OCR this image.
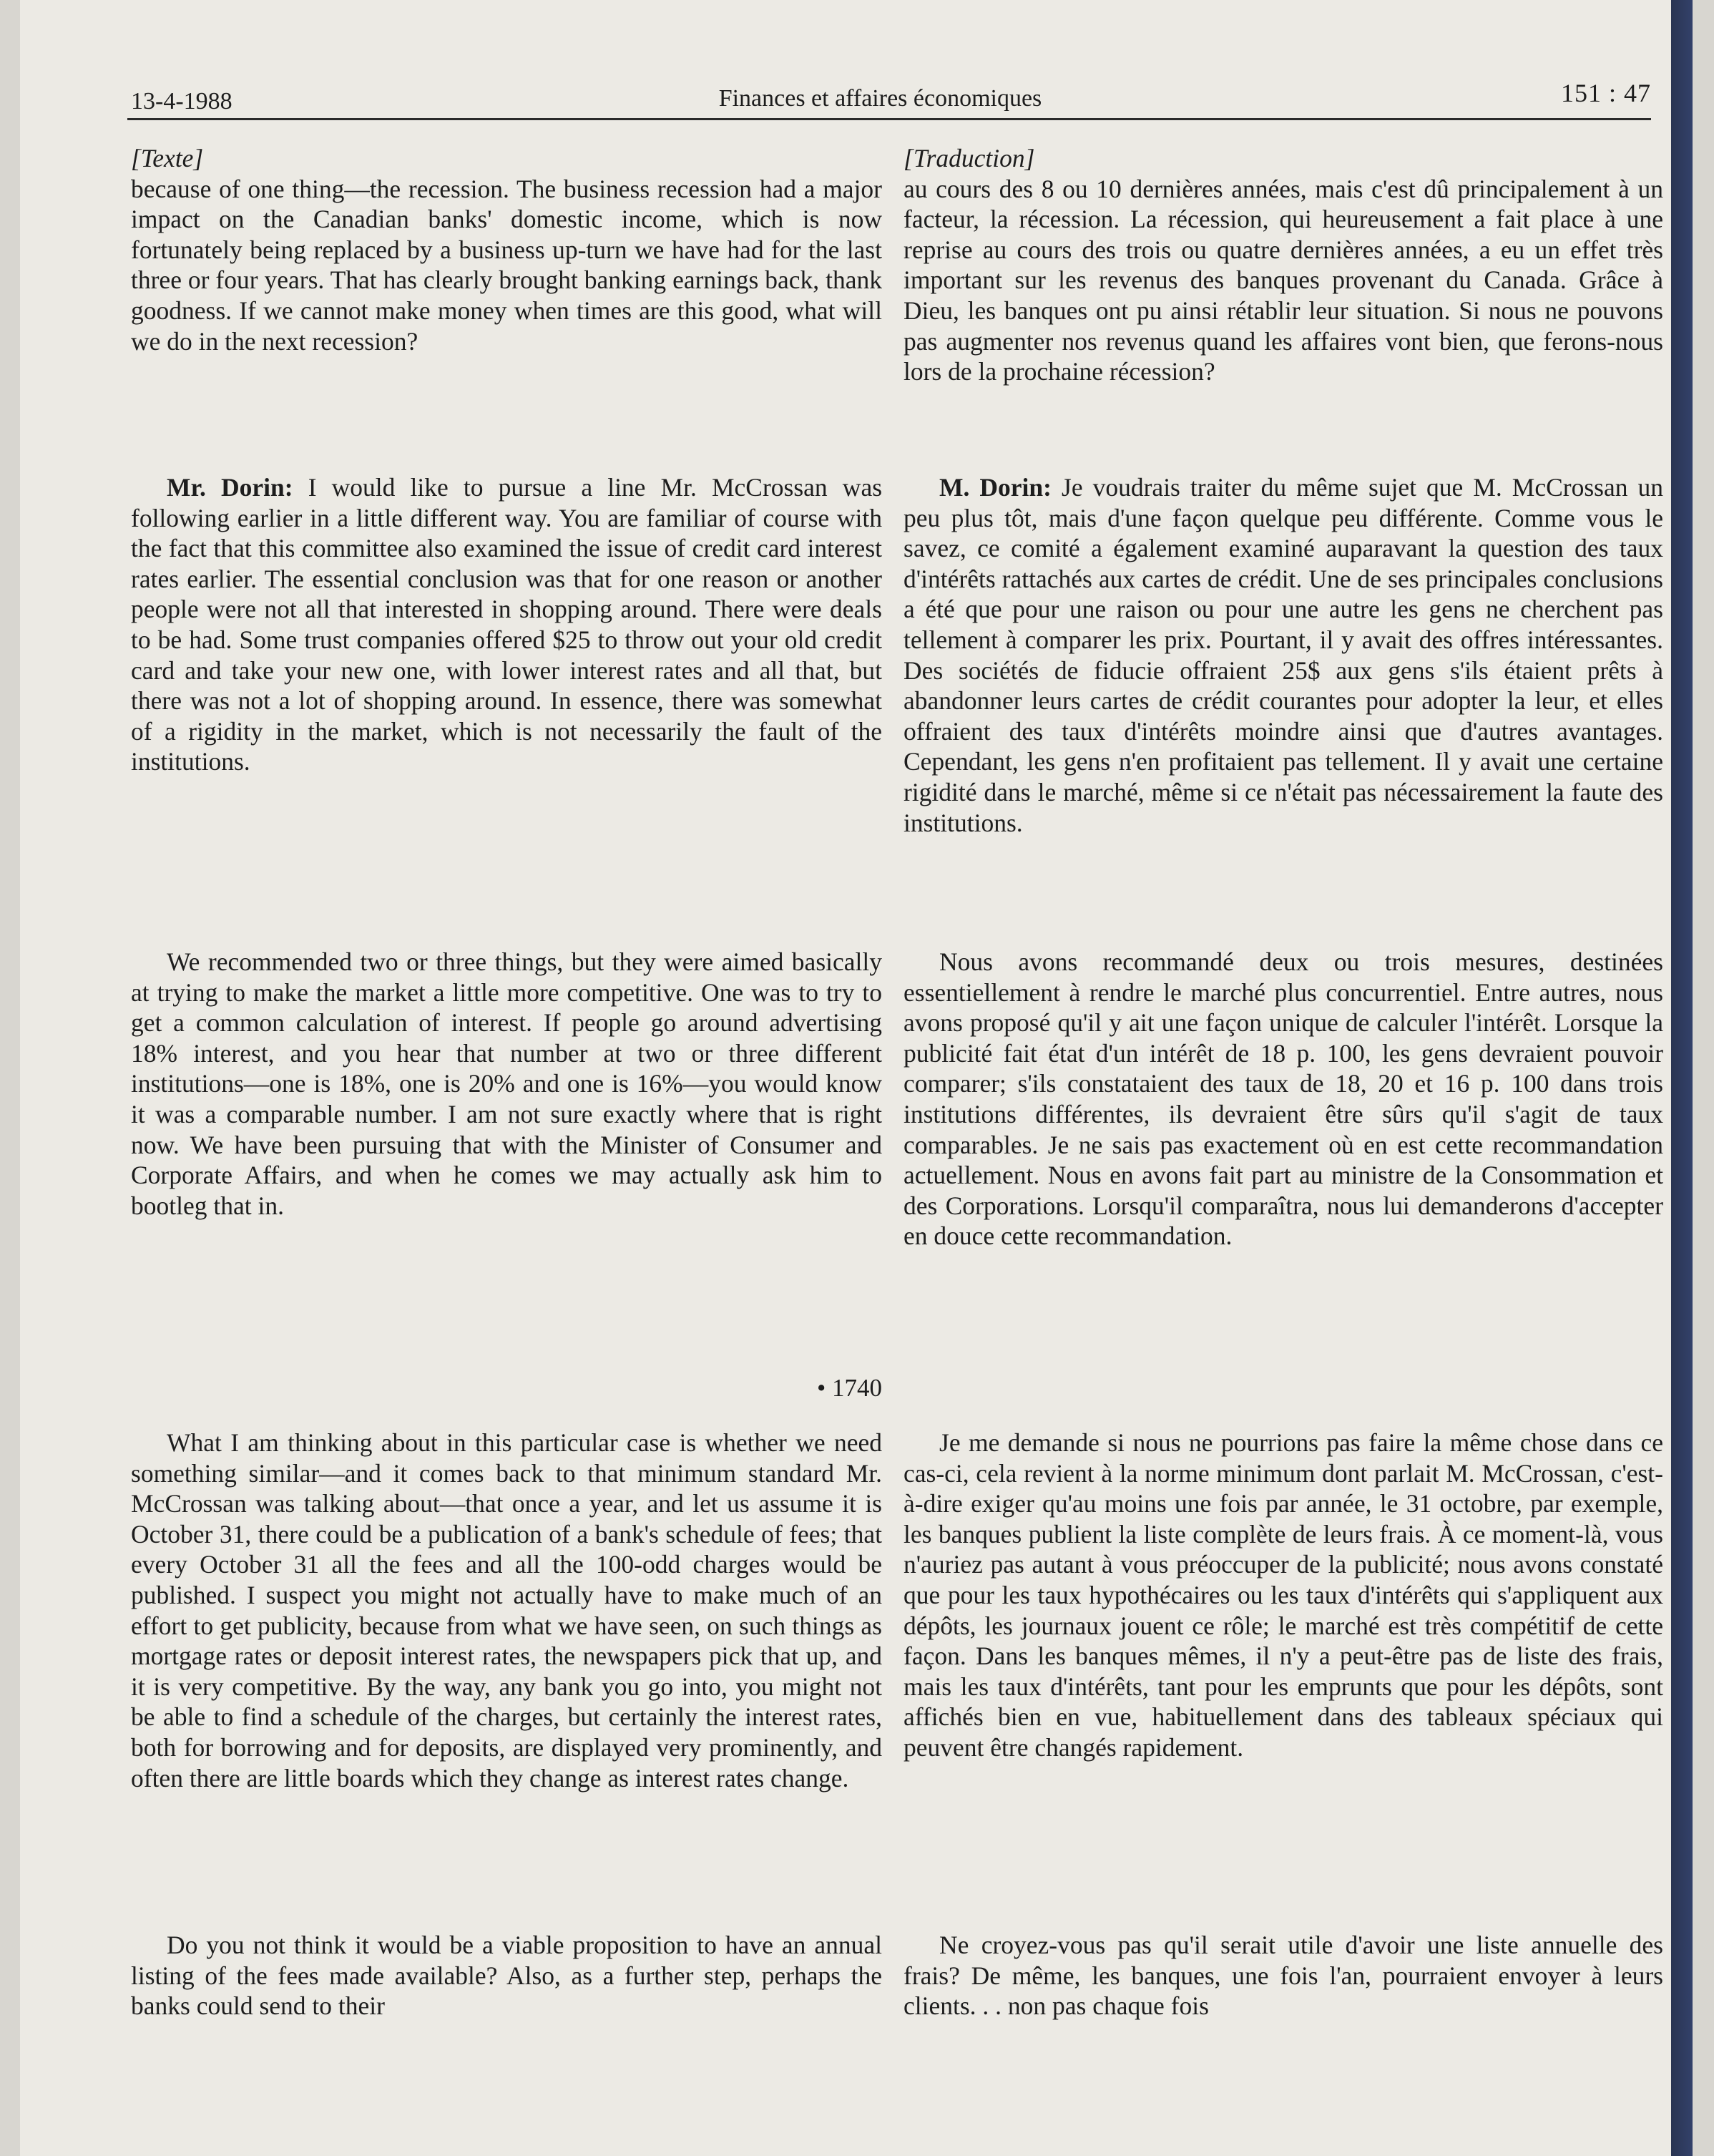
13-4-1988	Finances et affaires économiques	151 : 47
[Texte]

because of one thing—the recession. The business recession had a major impact on the Canadian banks' domestic income, which is now fortunately being replaced by a business up-turn we have had for the last three or four years. That has clearly brought banking earnings back, thank goodness. If we cannot make money when times are this good, what will we do in the next recession?

Mr. Dorin: I would like to pursue a line Mr. McCrossan was following earlier in a little different way. You are familiar of course with the fact that this committee also examined the issue of credit card interest rates earlier. The essential conclusion was that for one reason or another people were not all that interested in shopping around. There were deals to be had. Some trust companies offered $25 to throw out your old credit card and take your new one, with lower interest rates and all that, but there was not a lot of shopping around. In essence, there was somewhat of a rigidity in the market, which is not necessarily the fault of the institutions.

We recommended two or three things, but they were aimed basically at trying to make the market a little more competitive. One was to try to get a common calculation of interest. If people go around advertising 18% interest, and you hear that number at two or three different institutions—one is 18%, one is 20% and one is 16%—you would know it was a comparable number. I am not sure exactly where that is right now. We have been pursuing that with the Minister of Consumer and Corporate Affairs, and when he comes we may actually ask him to bootleg that in.

• 1740

What I am thinking about in this particular case is whether we need something similar—and it comes back to that minimum standard Mr. McCrossan was talking about—that once a year, and let us assume it is October 31, there could be a publication of a bank's schedule of fees; that every October 31 all the fees and all the 100-odd charges would be published. I suspect you might not actually have to make much of an effort to get publicity, because from what we have seen, on such things as mortgage rates or deposit interest rates, the newspapers pick that up, and it is very competitive. By the way, any bank you go into, you might not be able to find a schedule of the charges, but certainly the interest rates, both for borrowing and for deposits, are displayed very prominently, and often there are little boards which they change as interest rates change.

Do you not think it would be a viable proposition to have an annual listing of the fees made available? Also, as a further step, perhaps the banks could send to their

[Traduction]

au cours des 8 ou 10 dernières années, mais c'est dû principalement à un facteur, la récession. La récession, qui heureusement a fait place à une reprise au cours des trois ou quatre dernières années, a eu un effet très important sur les revenus des banques provenant du Canada. Grâce à Dieu, les banques ont pu ainsi rétablir leur situation. Si nous ne pouvons pas augmenter nos revenus quand les affaires vont bien, que ferons-nous lors de la prochaine récession?

M. Dorin: Je voudrais traiter du même sujet que M. McCrossan un peu plus tôt, mais d'une façon quelque peu différente. Comme vous le savez, ce comité a également examiné auparavant la question des taux d'intérêts rattachés aux cartes de crédit. Une de ses principales conclusions a été que pour une raison ou pour une autre les gens ne cherchent pas tellement à comparer les prix. Pourtant, il y avait des offres intéressantes. Des sociétés de fiducie offraient 25$ aux gens s'ils étaient prêts à abandonner leurs cartes de crédit courantes pour adopter la leur, et elles offraient des taux d'intérêts moindre ainsi que d'autres avantages. Cependant, les gens n'en profitaient pas tellement. Il y avait une certaine rigidité dans le marché, même si ce n'était pas nécessairement la faute des institutions.

Nous avons recommandé deux ou trois mesures, destinées essentiellement à rendre le marché plus concurrentiel. Entre autres, nous avons proposé qu'il y ait une façon unique de calculer l'intérêt. Lorsque la publicité fait état d'un intérêt de 18 p. 100, les gens devraient pouvoir comparer; s'ils constataient des taux de 18, 20 et 16 p. 100 dans trois institutions différentes, ils devraient être sûrs qu'il s'agit de taux comparables. Je ne sais pas exactement où en est cette recommandation actuellement. Nous en avons fait part au ministre de la Consommation et des Corporations. Lorsqu'il comparaîtra, nous lui demanderons d'accepter en douce cette recommandation.

Je me demande si nous ne pourrions pas faire la même chose dans ce cas-ci, cela revient à la norme minimum dont parlait M. McCrossan, c'est-à-dire exiger qu'au moins une fois par année, le 31 octobre, par exemple, les banques publient la liste complète de leurs frais. À ce moment-là, vous n'auriez pas autant à vous préoccuper de la publicité; nous avons constaté que pour les taux hypothécaires ou les taux d'intérêts qui s'appliquent aux dépôts, les journaux jouent ce rôle; le marché est très compétitif de cette façon. Dans les banques mêmes, il n'y a peut-être pas de liste des frais, mais les taux d'intérêts, tant pour les emprunts que pour les dépôts, sont affichés bien en vue, habituellement dans des tableaux spéciaux qui peuvent être changés rapidement.

Ne croyez-vous pas qu'il serait utile d'avoir une liste annuelle des frais? De même, les banques, une fois l'an, pourraient envoyer à leurs clients. . . non pas chaque fois
